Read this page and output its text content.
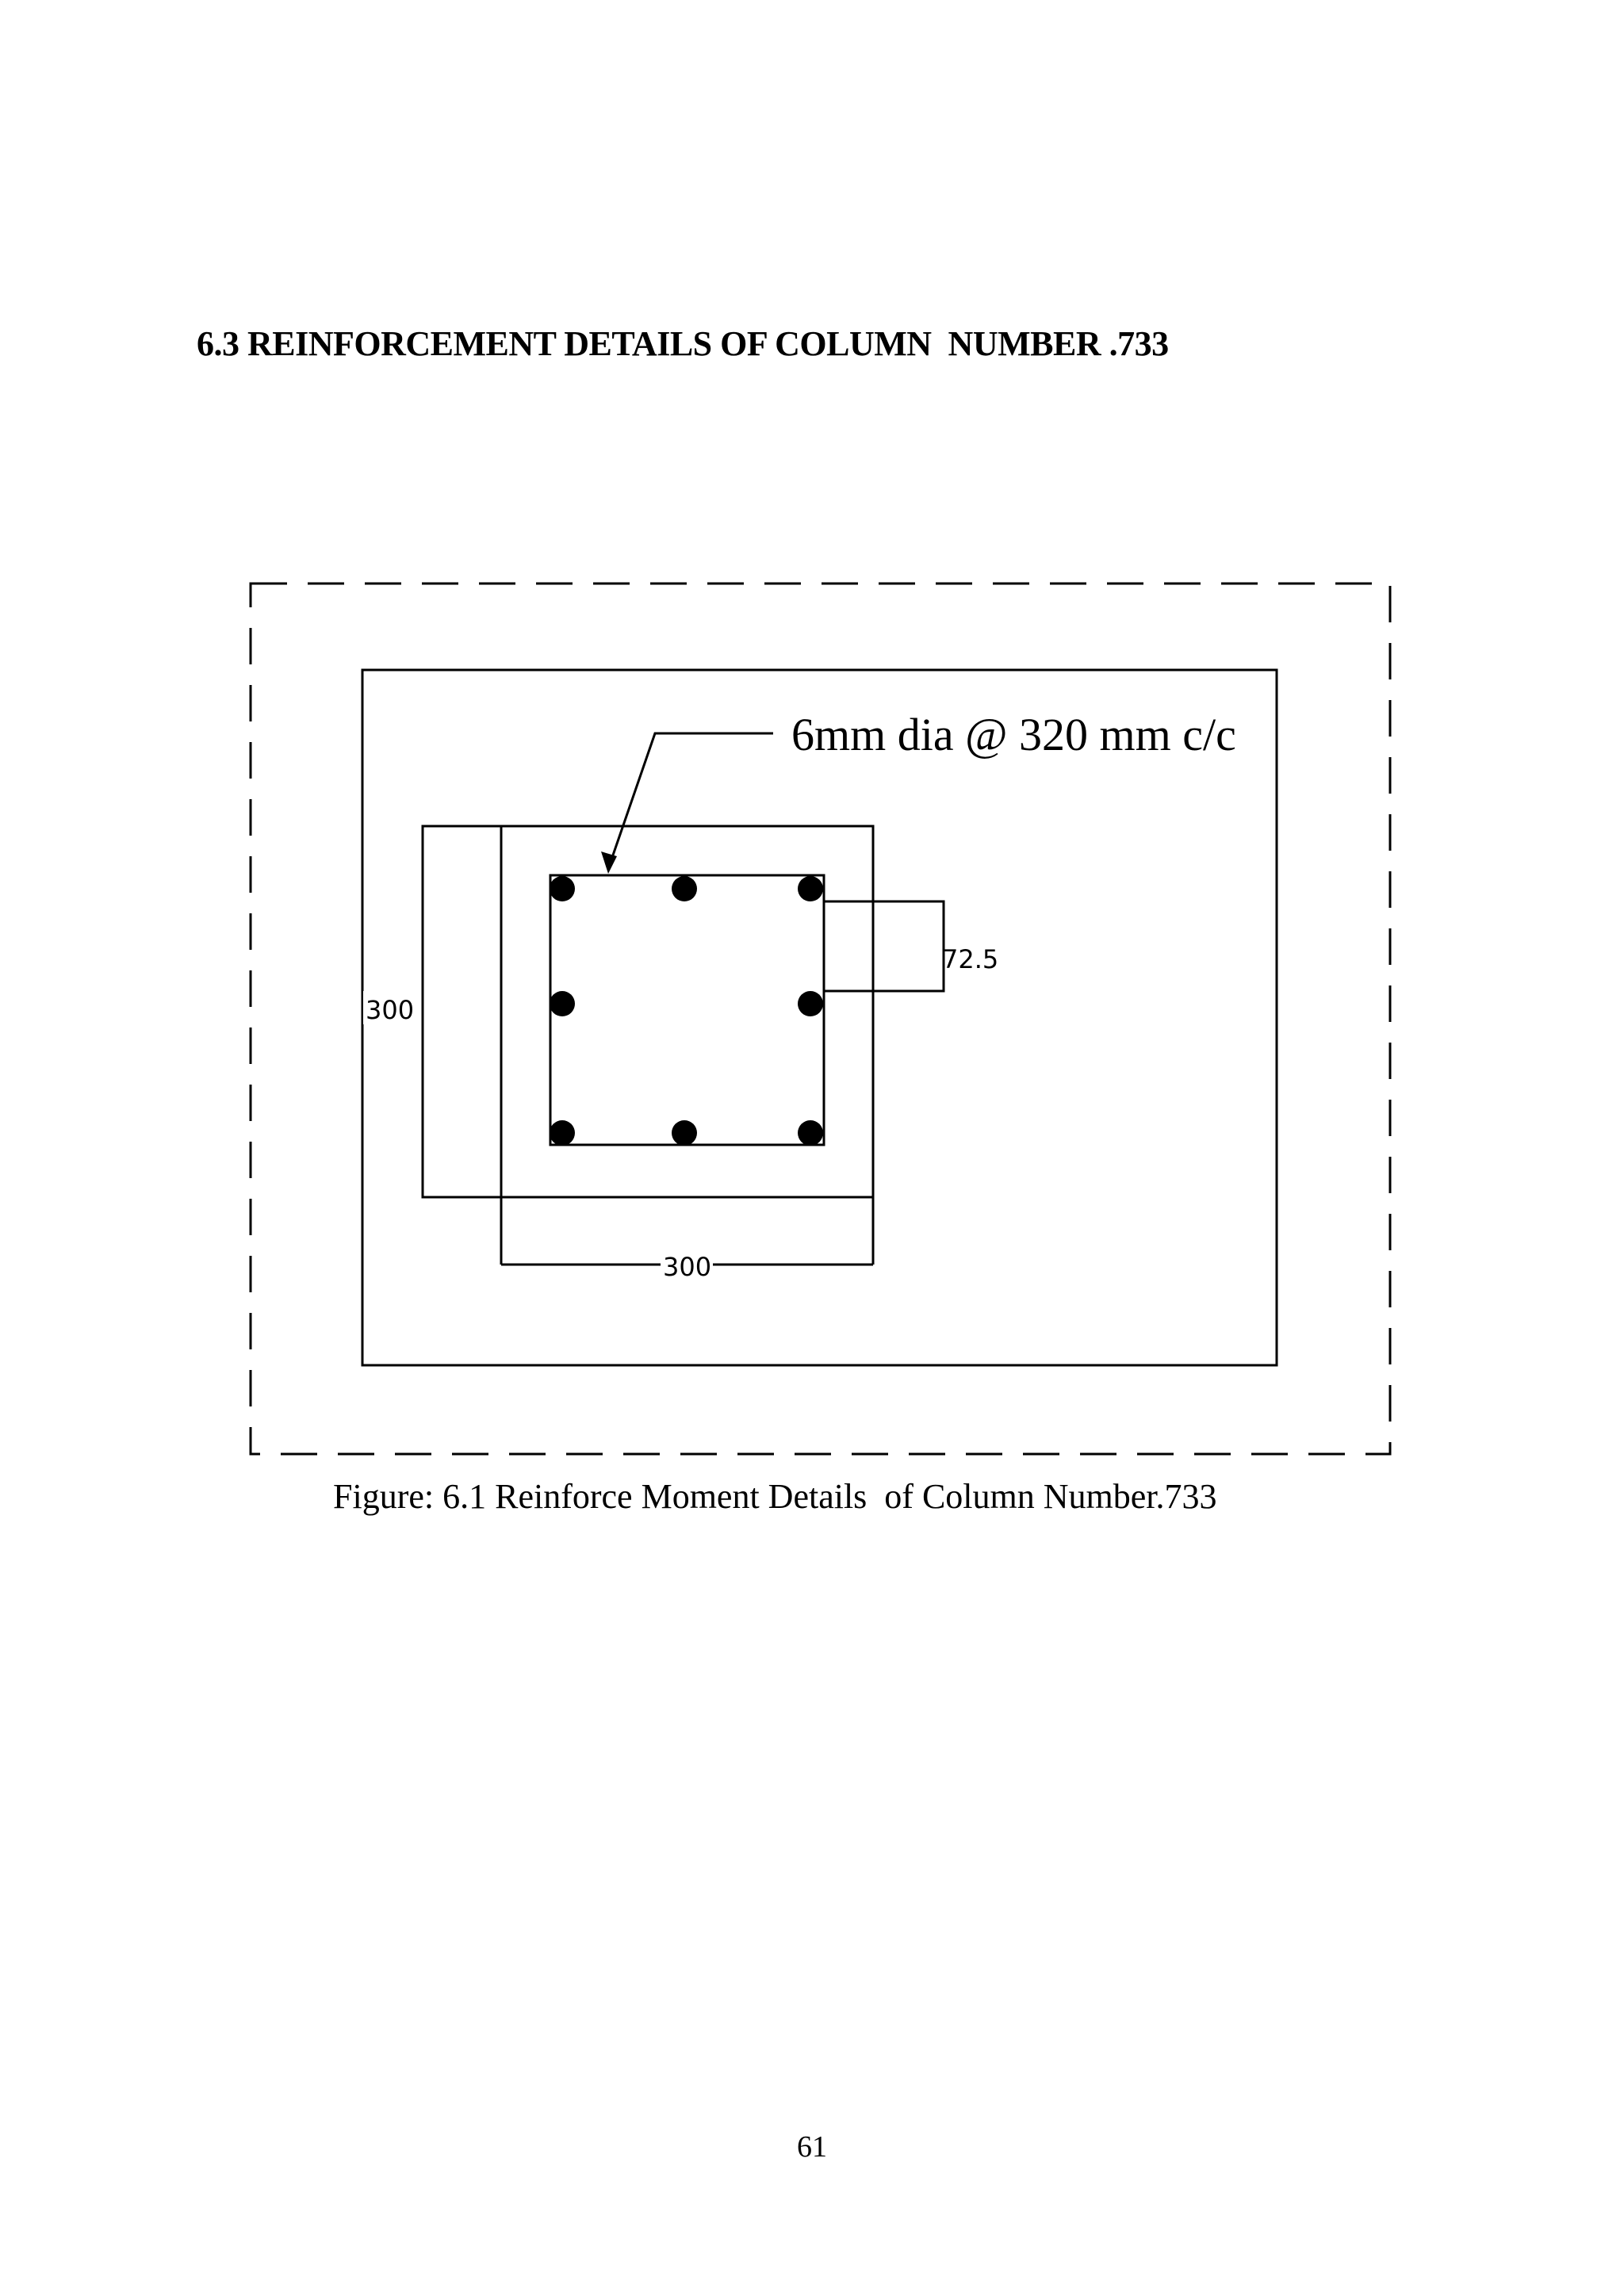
6.3 REINFORCEMENT DETAILS OF COLUMN  NUMBER .733
6mm dia @ 320 mm c/c
300
300
72.5
Figure: 6.1 Reinforce Moment Details  of Column Number.733
61
